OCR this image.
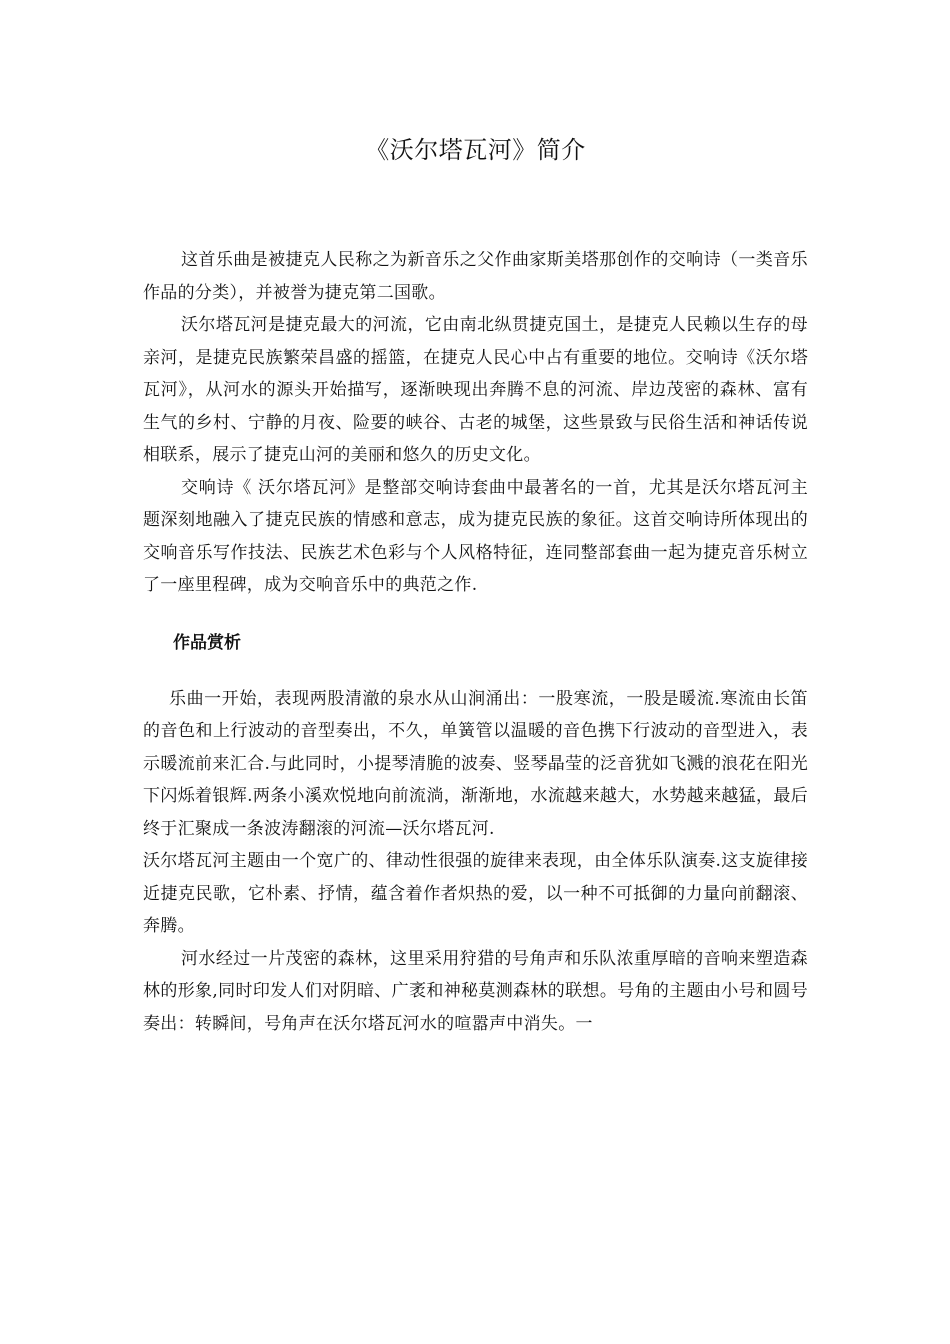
《沃尔塔瓦河》简介

这首乐曲是被捷克人民称之为新音乐之父作曲家斯美塔那创作的交响诗（一类音乐作品的分类），并被誉为捷克第二国歌。

沃尔塔瓦河是捷克最大的河流，它由南北纵贯捷克国土，是捷克人民赖以生存的母亲河，是捷克民族繁荣昌盛的摇篮，在捷克人民心中占有重要的地位。交响诗《沃尔塔瓦河》，从河水的源头开始描写，逐渐映现出奔腾不息的河流、岸边茂密的森林、富有生气的乡村、宁静的月夜、险要的峡谷、古老的城堡，这些景致与民俗生活和神话传说相联系，展示了捷克山河的美丽和悠久的历史文化。

交响诗《 沃尔塔瓦河》是整部交响诗套曲中最著名的一首，尤其是沃尔塔瓦河主题深刻地融入了捷克民族的情感和意志，成为捷克民族的象征。这首交响诗所体现出的交响音乐写作技法、民族艺术色彩与个人风格特征，连同整部套曲一起为捷克音乐树立了一座里程碑，成为交响音乐中的典范之作.

作品赏析

乐曲一开始，表现两股清澈的泉水从山涧涌出：一股寒流，一股是暖流.寒流由长笛的音色和上行波动的音型奏出，不久，单簧管以温暖的音色携下行波动的音型进入，表示暖流前来汇合.与此同时，小提琴清脆的波奏、竖琴晶莹的泛音犹如飞溅的浪花在阳光下闪烁着银辉.两条小溪欢悦地向前流淌，渐渐地，水流越来越大，水势越来越猛，最后终于汇聚成一条波涛翻滚的河流—沃尔塔瓦河.

沃尔塔瓦河主题由一个宽广的、律动性很强的旋律来表现，由全体乐队演奏.这支旋律接近捷克民歌，它朴素、抒情，蕴含着作者炽热的爱，以一种不可抵御的力量向前翻滚、奔腾。

河水经过一片茂密的森林，这里采用狩猎的号角声和乐队浓重厚暗的音响来塑造森林的形象,同时印发人们对阴暗、广袤和神秘莫测森林的联想。号角的主题由小号和圆号奏出：转瞬间，号角声在沃尔塔瓦河水的喧嚣声中消失。一
